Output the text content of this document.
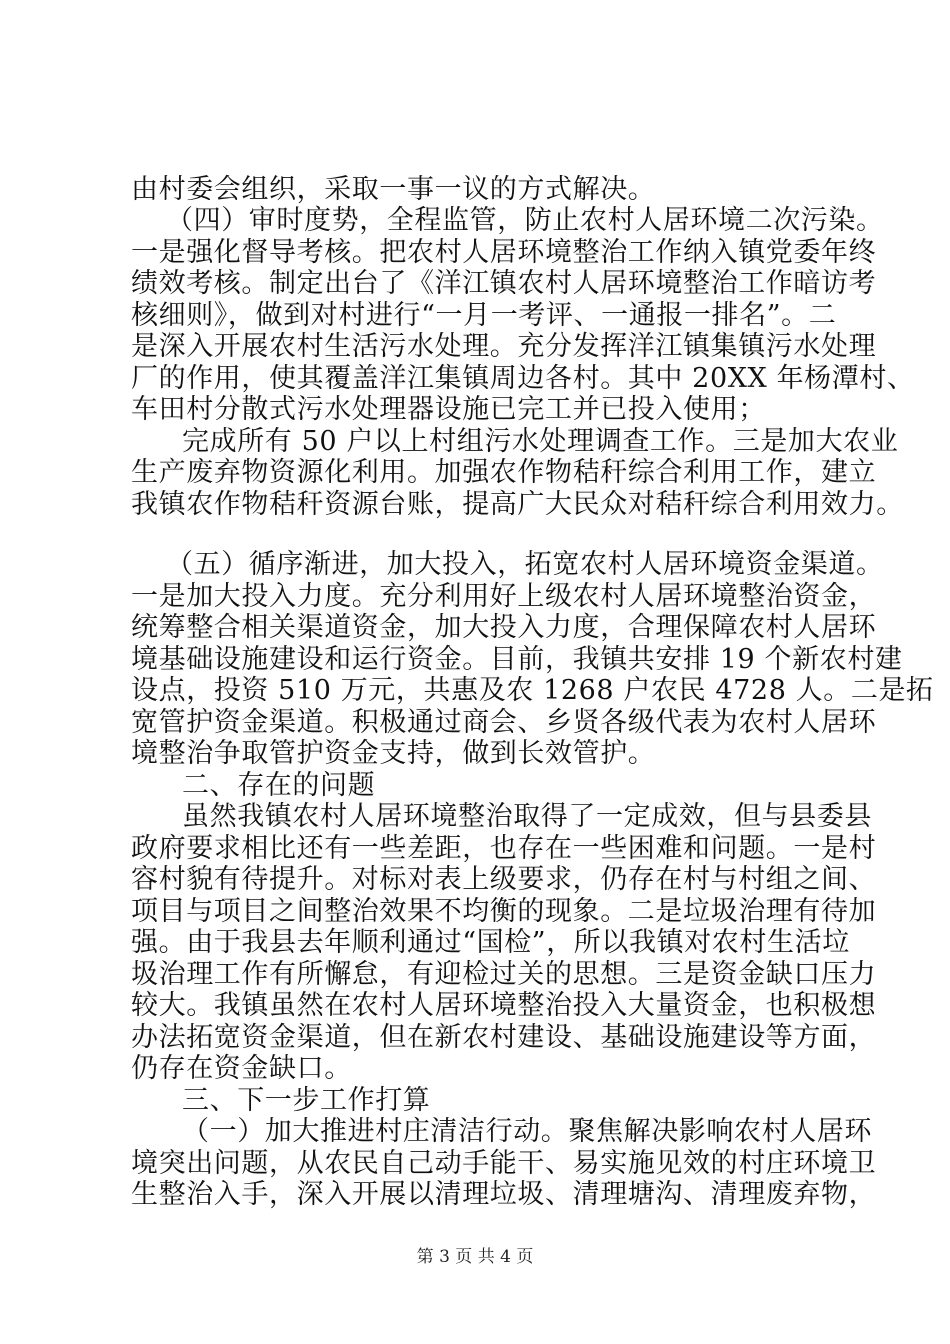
由村委会组织，采取一事一议的方式解决。
（四）审时度势，全程监管，防止农村人居环境二次污染。
一是强化督导考核。把农村人居环境整治工作纳入镇党委年终
绩效考核。制定出台了《洋江镇农村人居环境整治工作暗访考
核细则》，做到对村进行“一月一考评、一通报一排名”。二
是深入开展农村生活污水处理。充分发挥洋江镇集镇污水处理
厂的作用，使其覆盖洋江集镇周边各村。其中 20XX 年杨潭村、
车田村分散式污水处理器设施已完工并已投入使用；
完成所有 50 户以上村组污水处理调查工作。三是加大农业
生产废弃物资源化利用。加强农作物秸秆综合利用工作，建立
我镇农作物秸秆资源台账，提高广大民众对秸秆综合利用效力。
（五）循序渐进，加大投入，拓宽农村人居环境资金渠道。
一是加大投入力度。充分利用好上级农村人居环境整治资金，
统筹整合相关渠道资金，加大投入力度，合理保障农村人居环
境基础设施建设和运行资金。目前，我镇共安排 19 个新农村建
设点，投资 510 万元，共惠及农 1268 户农民 4728 人。二是拓
宽管护资金渠道。积极通过商会、乡贤各级代表为农村人居环
境整治争取管护资金支持，做到长效管护。
二、存在的问题
虽然我镇农村人居环境整治取得了一定成效，但与县委县
政府要求相比还有一些差距，也存在一些困难和问题。一是村
容村貌有待提升。对标对表上级要求，仍存在村与村组之间、
项目与项目之间整治效果不均衡的现象。二是垃圾治理有待加
强。由于我县去年顺利通过“国检”，所以我镇对农村生活垃
圾治理工作有所懈怠，有迎检过关的思想。三是资金缺口压力
较大。我镇虽然在农村人居环境整治投入大量资金，也积极想
办法拓宽资金渠道，但在新农村建设、基础设施建设等方面，
仍存在资金缺口。
三、下一步工作打算
（一）加大推进村庄清洁行动。聚焦解决影响农村人居环
境突出问题，从农民自己动手能干、易实施见效的村庄环境卫
生整治入手，深入开展以清理垃圾、清理塘沟、清理废弃物，
第 3 页 共 4 页
